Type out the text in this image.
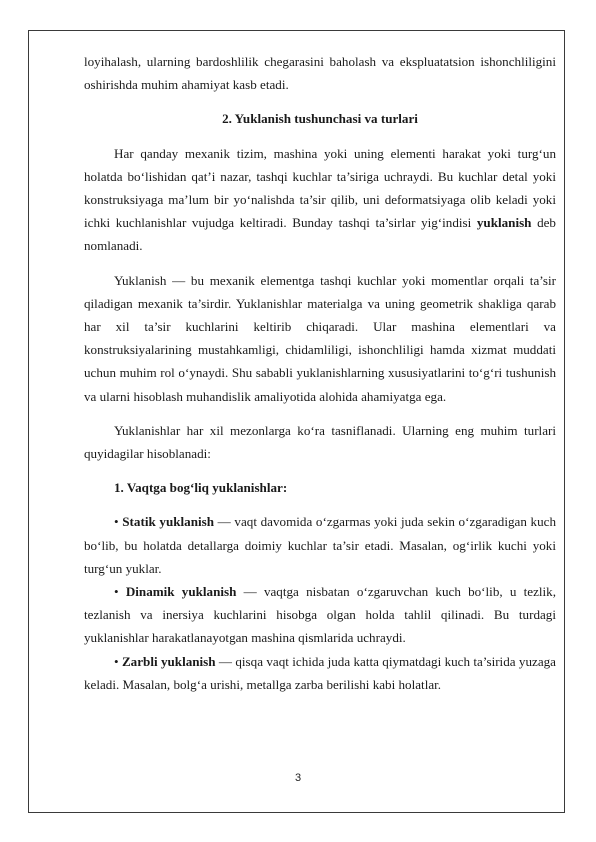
loyihalash, ularning bardoshlilik chegarasini baholash va ekspluatatsion ishonchliligini oshirishda muhim ahamiyat kasb etadi.

2. Yuklanish tushunchasi va turlari

Har qanday mexanik tizim, mashina yoki uning elementi harakat yoki turg‘un holatda bo‘lishidan qat’i nazar, tashqi kuchlar ta’siriga uchraydi. Bu kuchlar detal yoki konstruksiyaga ma’lum bir yo‘nalishda ta’sir qilib, uni deformatsiyaga olib keladi yoki ichki kuchlanishlar vujudga keltiradi. Bunday tashqi ta’sirlar yig‘indisi yuklanish deb nomlanadi.

Yuklanish — bu mexanik elementga tashqi kuchlar yoki momentlar orqali ta’sir qiladigan mexanik ta’sirdir. Yuklanishlar materialga va uning geometrik shakliga qarab har xil ta’sir kuchlarini keltirib chiqaradi. Ular mashina elementlari va konstruksiyalarining mustahkamligi, chidamliligi, ishonchliligi hamda xizmat muddati uchun muhim rol o‘ynaydi. Shu sababli yuklanishlarning xususiyatlarini to‘g‘ri tushunish va ularni hisoblash muhandislik amaliyotida alohida ahamiyatga ega.

Yuklanishlar har xil mezonlarga ko‘ra tasniflanadi. Ularning eng muhim turlari quyidagilar hisoblanadi:

1. Vaqtga bog‘liq yuklanishlar:

• Statik yuklanish — vaqt davomida o‘zgarmas yoki juda sekin o‘zgaradigan kuch bo‘lib, bu holatda detallarga doimiy kuchlar ta’sir etadi. Masalan, og‘irlik kuchi yoki turg‘un yuklar.

• Dinamik yuklanish — vaqtga nisbatan o‘zgaruvchan kuch bo‘lib, u tezlik, tezlanish va inersiya kuchlarini hisobga olgan holda tahlil qilinadi. Bu turdagi yuklanishlar harakatlanayotgan mashina qismlarida uchraydi.

• Zarbli yuklanish — qisqa vaqt ichida juda katta qiymatdagi kuch ta’sirida yuzaga keladi. Masalan, bolg‘a urishi, metallga zarba berilishi kabi holatlar.

3
